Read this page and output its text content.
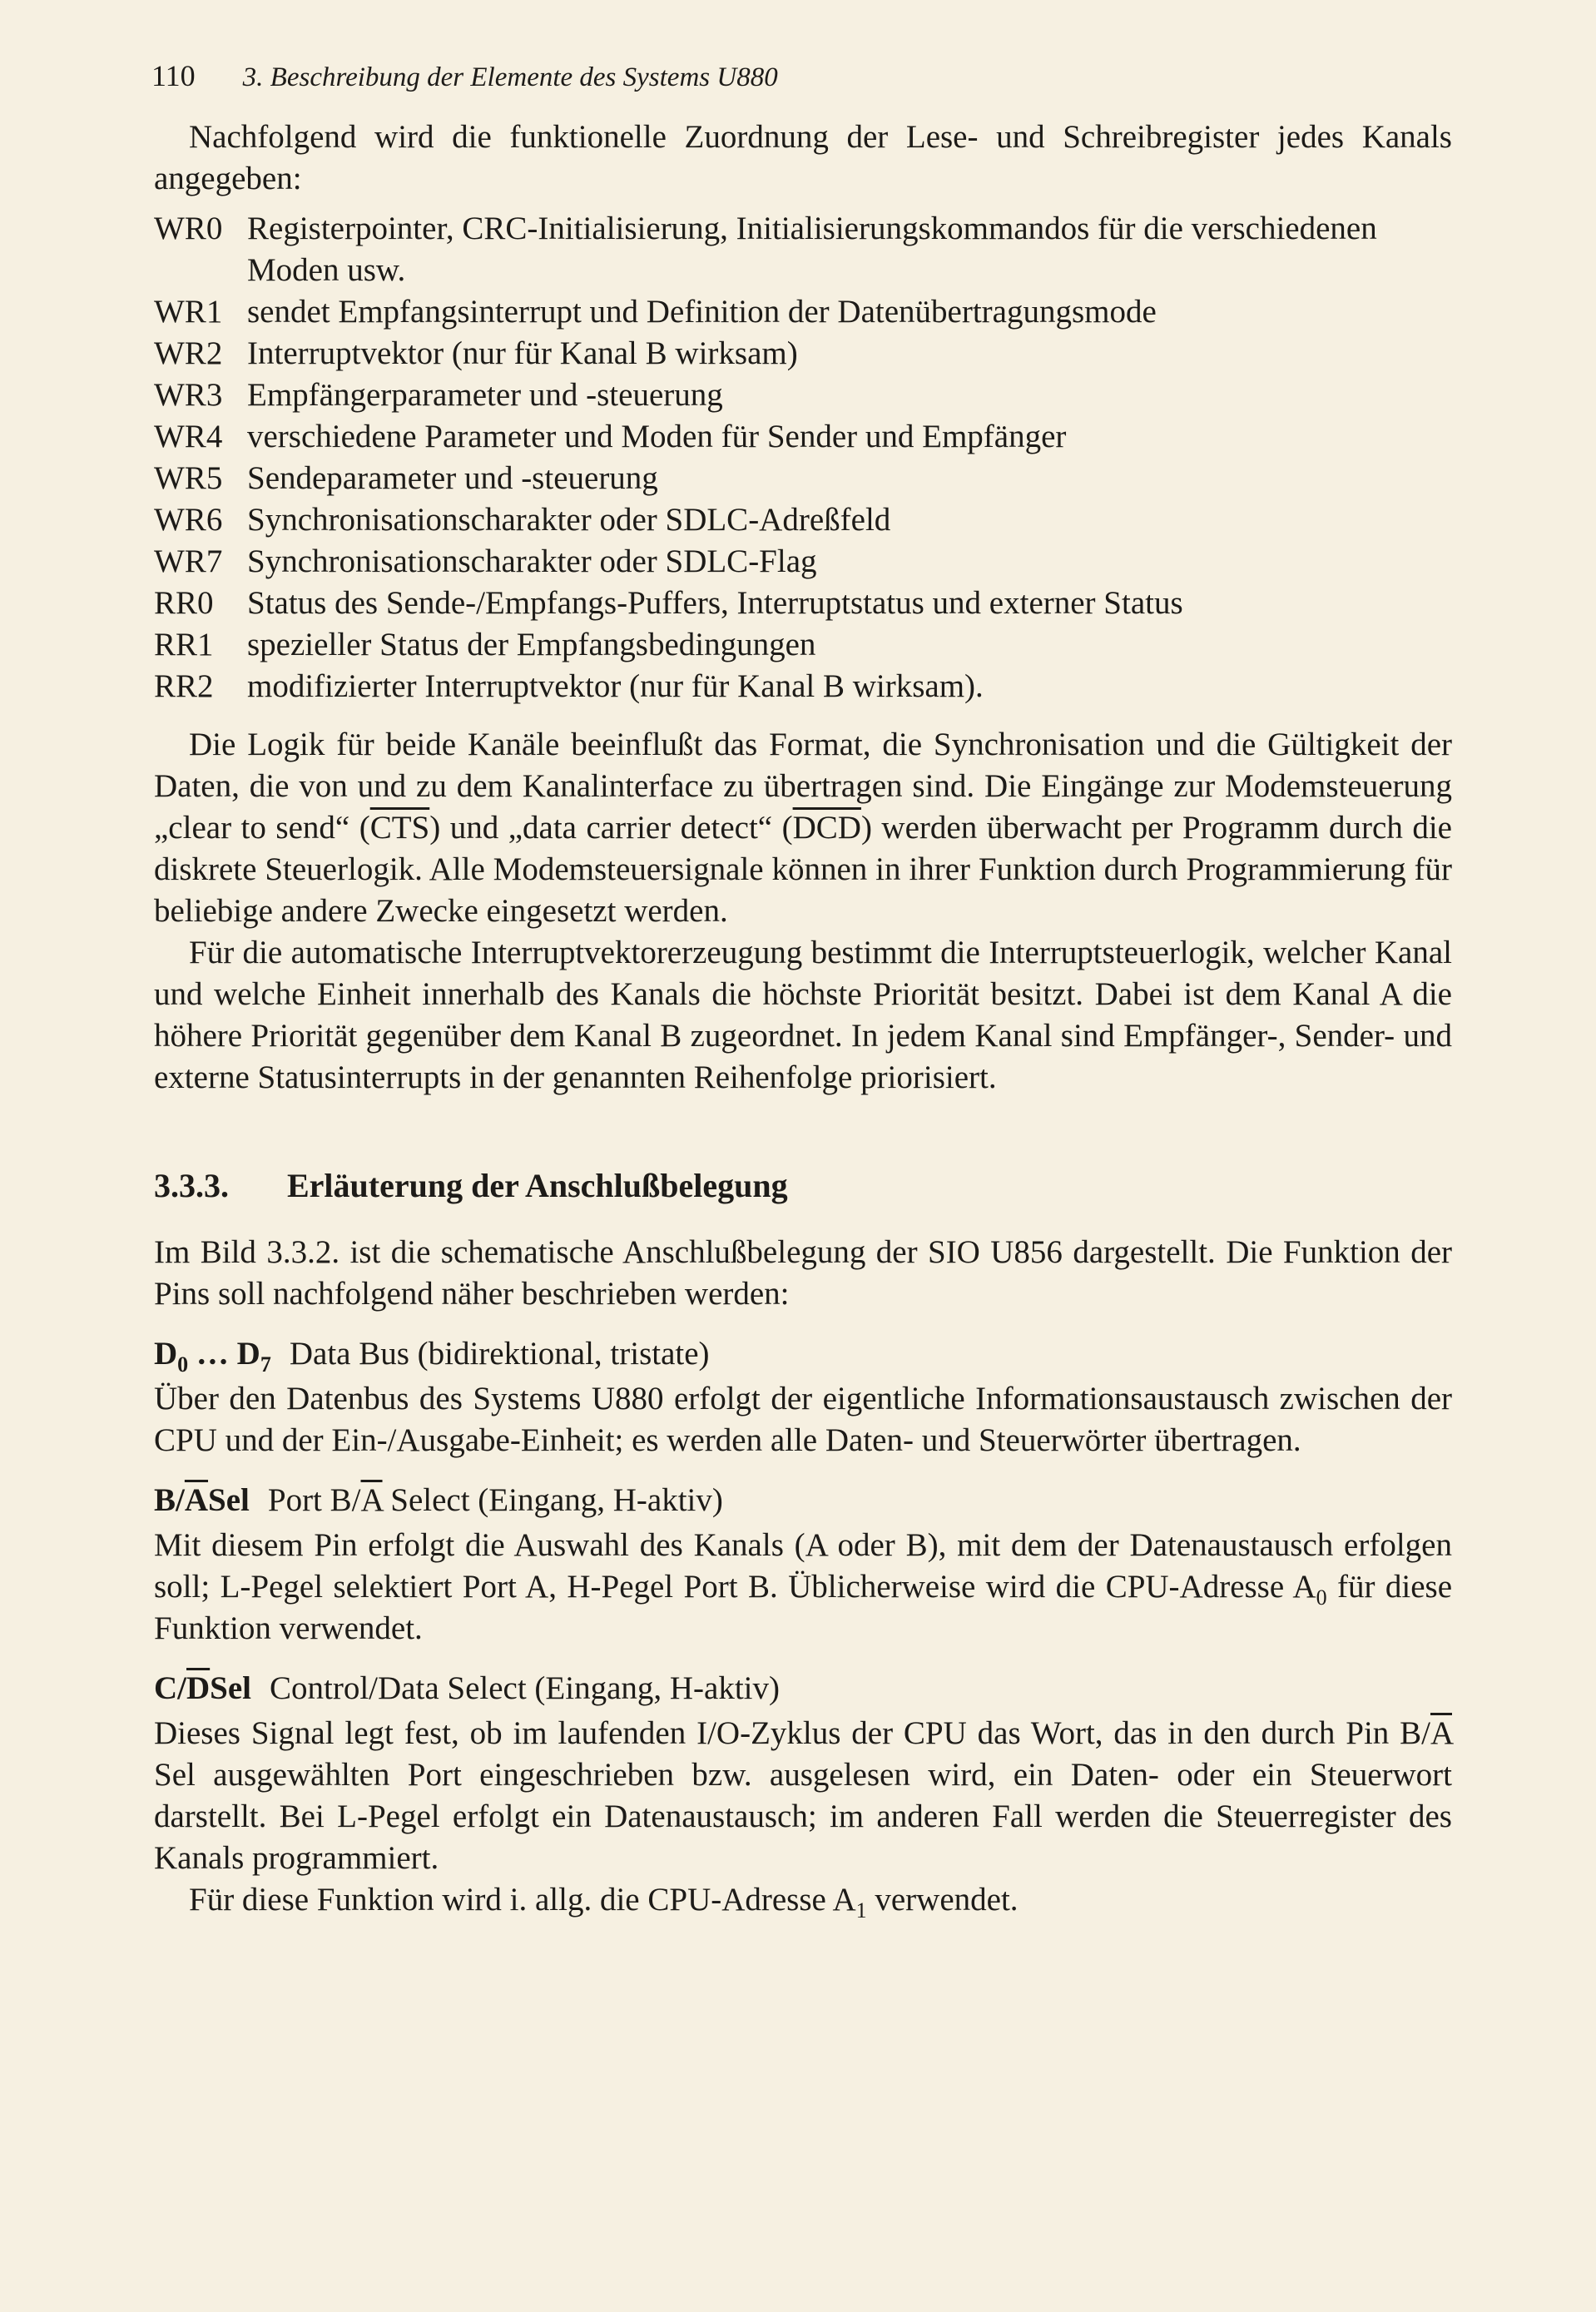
110 3. Beschreibung der Elemente des Systems U880

Nachfolgend wird die funktionelle Zuordnung der Lese- und Schreibregister jedes Kanals angegeben:

WR0 Registerpointer, CRC-Initialisierung, Initialisierungskommandos für die verschiedenen Moden usw.
WR1 sendet Empfangsinterrupt und Definition der Datenübertragungsmode
WR2 Interruptvektor (nur für Kanal B wirksam)
WR3 Empfängerparameter und -steuerung
WR4 verschiedene Parameter und Moden für Sender und Empfänger
WR5 Sendeparameter und -steuerung
WR6 Synchronisationscharakter oder SDLC-Adreßfeld
WR7 Synchronisationscharakter oder SDLC-Flag
RR0	Status des Sende-/Empfangs-Puffers, Interruptstatus und externer Status
RR1	spezieller Status der Empfangsbedingungen
RR2	modifizierter Interruptvektor (nur für Kanal B wirksam).

Die Logik für beide Kanäle beeinflußt das Format, die Synchronisation und die Gültigkeit der Daten, die von und zu dem Kanalinterface zu übertragen sind. Die Eingänge zur Modemsteuerung „clear to send“ $(\overline{CTS})$ und „data carrier detect“ $(\overline{DCD})$ werden überwacht per Programm durch die diskrete Steuerlogik. Alle Modemsteuersignale können in ihrer Funktion durch Programmierung für beliebige andere Zwecke eingesetzt werden.

Für die automatische Interruptvektorerzeugung bestimmt die Interruptsteuerlogik, welcher Kanal und welche Einheit innerhalb des Kanals die höchste Priorität besitzt. Dabei ist dem Kanal A die höhere Priorität gegenüber dem Kanal B zugeordnet. In jedem Kanal sind Empfänger-, Sender- und externe Statusinterrupts in der genannten Reihenfolge priorisiert.

3.3.3. Erläuterung der Anschlußbelegung

Im Bild 3.3.2. ist die schematische Anschlußbelegung der SIO U856 dargestellt. Die Funktion der Pins soll nachfolgend näher beschrieben werden:

$D_0$ … $D_7$ Data Bus (bidirektional, tristate)

Über den Datenbus des Systems U880 erfolgt der eigentliche Informationsaustausch zwischen der CPU und der Ein-/Ausgabe-Einheit; es werden alle Daten- und Steuerwörter übertragen.

$B/\overline{A}Sel$ Port $B/\overline{A}$ Select (Eingang, H-aktiv)

Mit diesem Pin erfolgt die Auswahl des Kanals (A oder B), mit dem der Datenaustausch erfolgen soll; L-Pegel selektiert Port A, H-Pegel Port B. Üblicherweise wird die CPU-Adresse $A_0$ für diese Funktion verwendet.

$C/\overline{D}Sel$ Control/Data Select (Eingang, H-aktiv)

Dieses Signal legt fest, ob im laufenden I/O-Zyklus der CPU das Wort, das in den durch Pin $B/\overline{A}$ Sel ausgewählten Port eingeschrieben bzw. ausgelesen wird, ein Daten- oder ein Steuerwort darstellt. Bei L-Pegel erfolgt ein Datenaustausch; im anderen Fall werden die Steuerregister des Kanals programmiert.

Für diese Funktion wird i. allg. die CPU-Adresse $A_1$ verwendet.
